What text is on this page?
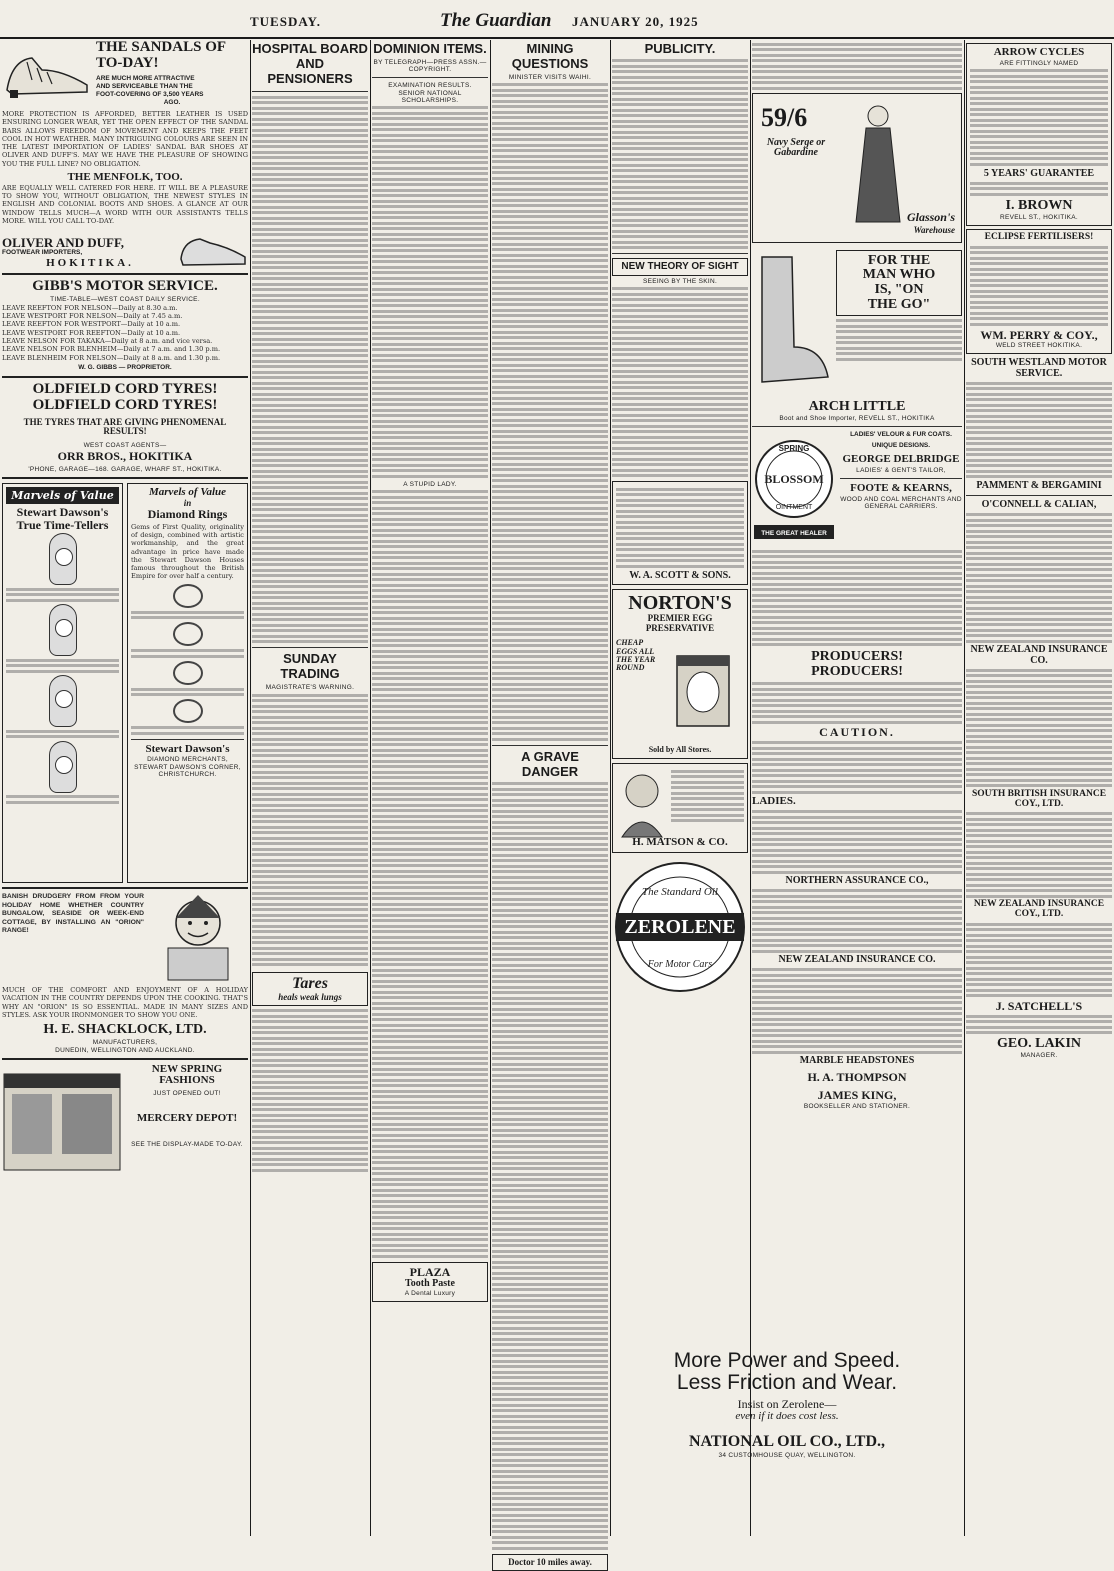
TUESDAY.	The Guardian JANUARY 20, 1925
THE SANDALS OF TO-DAY!
ARE MUCH MORE ATTRACTIVE
AND SERVICEABLE THAN THE
FOOT-COVERING OF 3,500 YEARS
AGO.
MORE PROTECTION IS AFFORDED, BETTER LEATHER IS USED ENSURING LONGER WEAR, YET THE OPEN EFFECT OF THE SANDAL BARS ALLOWS FREEDOM OF MOVEMENT AND KEEPS THE FEET COOL IN HOT WEATHER. MANY INTRIGUING COLOURS ARE SEEN IN THE LATEST IMPORTATION OF LADIES' SANDAL BAR SHOES AT OLIVER AND DUFF'S. MAY WE HAVE THE PLEASURE OF SHOWING YOU THE FULL LINE? NO OBLIGATION.
THE MENFOLK, TOO.
ARE EQUALLY WELL CATERED FOR HERE. IT WILL BE A PLEASURE TO SHOW YOU, WITHOUT OBLIGATION, THE NEWEST STYLES IN ENGLISH AND COLONIAL BOOTS AND SHOES. A GLANCE AT OUR WINDOW TELLS MUCH—A WORD WITH OUR ASSISTANTS TELLS MORE. WILL YOU CALL TO-DAY.
OLIVER AND DUFF,
FOOTWEAR IMPORTERS,
HOKITIKA.
GIBB'S MOTOR SERVICE.
TIME-TABLE—WEST COAST DAILY SERVICE.
LEAVE REEFTON FOR NELSON—Daily at 8.30 a.m.
LEAVE WESTPORT FOR NELSON—Daily at 7.45 a.m.
LEAVE REEFTON FOR WESTPORT—Daily at 10 a.m.
LEAVE WESTPORT FOR REEFTON—Daily at 10 a.m.
LEAVE NELSON FOR TAKAKA—Daily at 8 a.m. and vice versa.
LEAVE NELSON FOR BLENHEIM—Daily at 7 a.m. and 1.30 p.m.
LEAVE BLENHEIM FOR NELSON—Daily at 8 a.m. and 1.30 p.m.
W. G. GIBBS — PROPRIETOR.
OLDFIELD CORD TYRES!
OLDFIELD CORD TYRES!
THE TYRES THAT ARE GIVING PHENOMENAL RESULTS!
WEST COAST AGENTS—
ORR BROS., HOKITIKA
'PHONE, GARAGE—168. GARAGE, WHARF ST., HOKITIKA.
Marvels of Value
Stewart Dawson's
True Time-Tellers
Marvels of Value
in
Diamond Rings
Gems of First Quality, originality of design, combined with artistic workmanship, and the great advantage in price have made the Stewart Dawson Houses famous throughout the British Empire for over half a century.
Stewart Dawson's
DIAMOND MERCHANTS,
STEWART DAWSON'S CORNER, CHRISTCHURCH.
BANISH DRUDGERY FROM FROM YOUR HOLIDAY HOME WHETHER COUNTRY BUNGALOW, SEASIDE OR WEEK-END COTTAGE, BY INSTALLING AN "ORION" RANGE!
MUCH OF THE COMFORT AND ENJOYMENT OF A HOLIDAY VACATION IN THE COUNTRY DEPENDS UPON THE COOKING. THAT'S WHY AN "ORION" IS SO ESSENTIAL. MADE IN MANY SIZES AND STYLES. ASK YOUR IRONMONGER TO SHOW YOU ONE.
H. E. SHACKLOCK, LTD.
MANUFACTURERS,
DUNEDIN, WELLINGTON AND AUCKLAND.
NEW SPRING FASHIONS
JUST OPENED OUT!
MERCERY DEPOT!
SEE THE DISPLAY-MADE TO-DAY.
HOSPITAL BOARD AND PENSIONERS
SUNDAY TRADING
MAGISTRATE'S WARNING.
Tares
heals weak lungs
DOMINION ITEMS.
BY TELEGRAPH—PRESS ASSN.—COPYRIGHT.
EXAMINATION RESULTS.
SENIOR NATIONAL SCHOLARSHIPS.
A STUPID LADY.
PLAZA
Tooth Paste
A Dental Luxury
MINING QUESTIONS
MINISTER VISITS WAIHI.
A GRAVE DANGER
Doctor 10 miles away.
PUBLICITY.
NEW THEORY OF SIGHT
SEEING BY THE SKIN.
W. A. SCOTT & SONS.
NORTON'S
PREMIER EGG PRESERVATIVE
CHEAP EGGS ALL THE YEAR ROUND
Sold by All Stores.
H. MATSON & CO.
ZEROLENE
The Standard Oil
For Motor Cars
More Power and Speed.
Less Friction and Wear.
Insist on Zerolene—
even if it does cost less.
NATIONAL OIL CO., LTD.,
34 CUSTOMHOUSE QUAY, WELLINGTON.
59/6
Navy Serge or Gabardine
Glasson's
Warehouse
FOR THE
MAN WHO
IS, "ON
THE GO"
ARCH LITTLE
Boot and Shoe Importer, REVELL ST., HOKITIKA
SPRING
BLOSSOM
OINTMENT
THE GREAT HEALER
LADIES' VELOUR & FUR COATS.
UNIQUE DESIGNS.
GEORGE DELBRIDGE
LADIES' & GENT'S TAILOR,
FOOTE & KEARNS,
WOOD AND COAL MERCHANTS AND GENERAL CARRIERS.
PRODUCERS!
PRODUCERS!
CAUTION.
LADIES.
NORTHERN ASSURANCE CO.,
NEW ZEALAND INSURANCE CO.
MARBLE HEADSTONES
H. A. THOMPSON
JAMES KING,
BOOKSELLER AND STATIONER.
ARROW CYCLES
ARE FITTINGLY NAMED
5 YEARS' GUARANTEE
I. BROWN
REVELL ST., HOKITIKA.
ECLIPSE FERTILISERS!
WM. PERRY & COY.,
WELD STREET HOKITIKA.
SOUTH WESTLAND MOTOR SERVICE.
PAMMENT & BERGAMINI
O'CONNELL & CALIAN,
NEW ZEALAND INSURANCE CO.
SOUTH BRITISH INSURANCE COY., LTD.
NEW ZEALAND INSURANCE COY., LTD.
J. SATCHELL'S
GEO. LAKIN
MANAGER.
